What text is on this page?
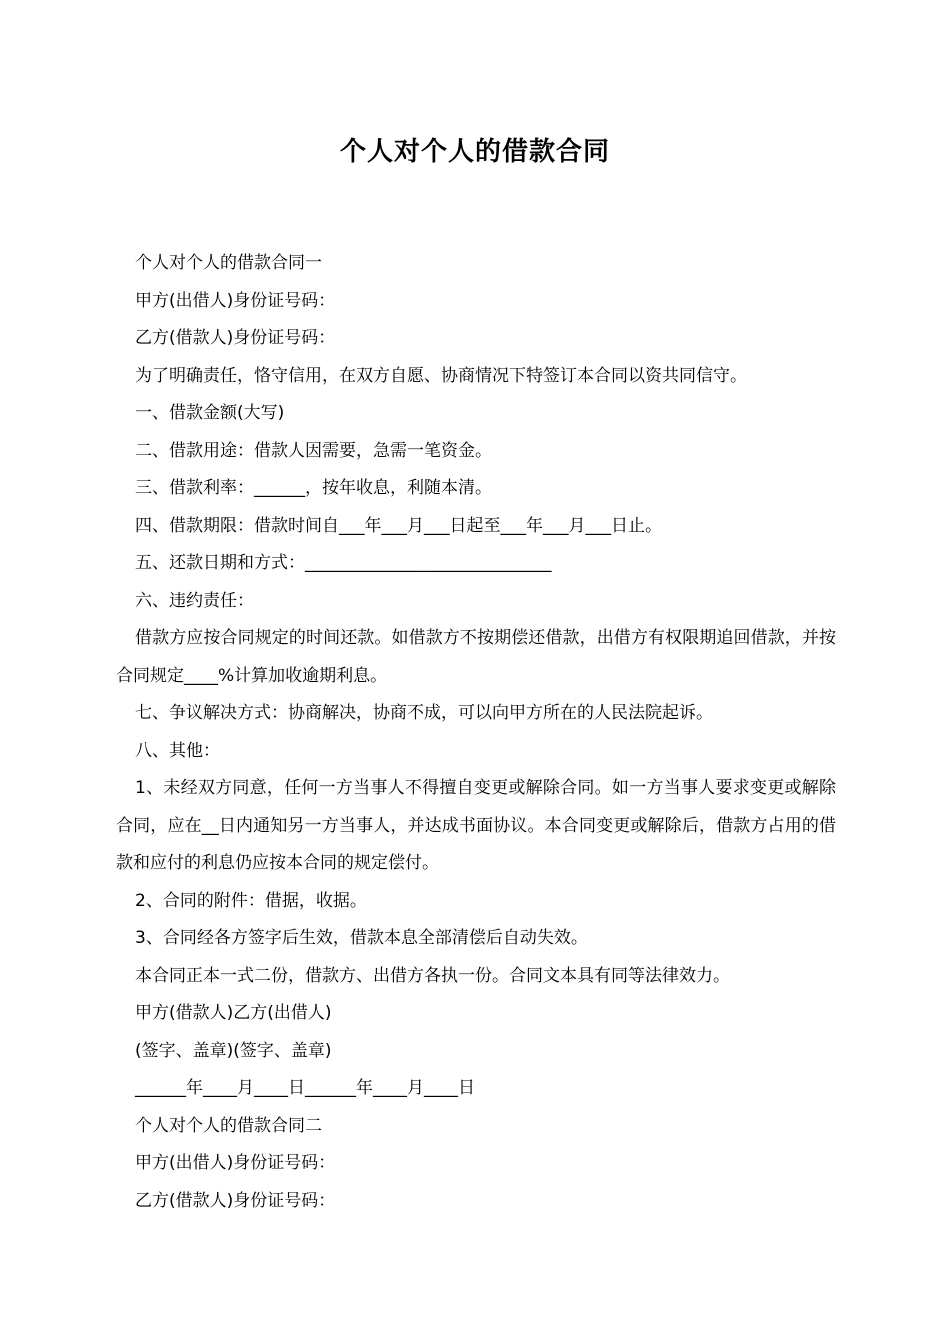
个人对个人的借款合同

个人对个人的借款合同一

甲方(出借人)身份证号码：

乙方(借款人)身份证号码：

为了明确责任，恪守信用，在双方自愿、协商情况下特签订本合同以资共同信守。

一、借款金额(大写)

二、借款用途：借款人因需要，急需一笔资金。

三、借款利率：______，按年收息，利随本清。

四、借款期限：借款时间自___年___月___日起至___年___月___日止。

五、还款日期和方式：_____________________________

六、违约责任：

借款方应按合同规定的时间还款。如借款方不按期偿还借款，出借方有权限期追回借款，并按合同规定____%计算加收逾期利息。

七、争议解决方式：协商解决，协商不成，可以向甲方所在的人民法院起诉。

八、其他：

1、未经双方同意，任何一方当事人不得擅自变更或解除合同。如一方当事人要求变更或解除合同，应在__日内通知另一方当事人，并达成书面协议。本合同变更或解除后，借款方占用的借款和应付的利息仍应按本合同的规定偿付。

2、合同的附件：借据，收据。

3、合同经各方签字后生效，借款本息全部清偿后自动失效。

本合同正本一式二份，借款方、出借方各执一份。合同文本具有同等法律效力。

甲方(借款人)乙方(出借人)

(签字、盖章)(签字、盖章)

______年____月____日______年____月____日

个人对个人的借款合同二

甲方(出借人)身份证号码：

乙方(借款人)身份证号码：
